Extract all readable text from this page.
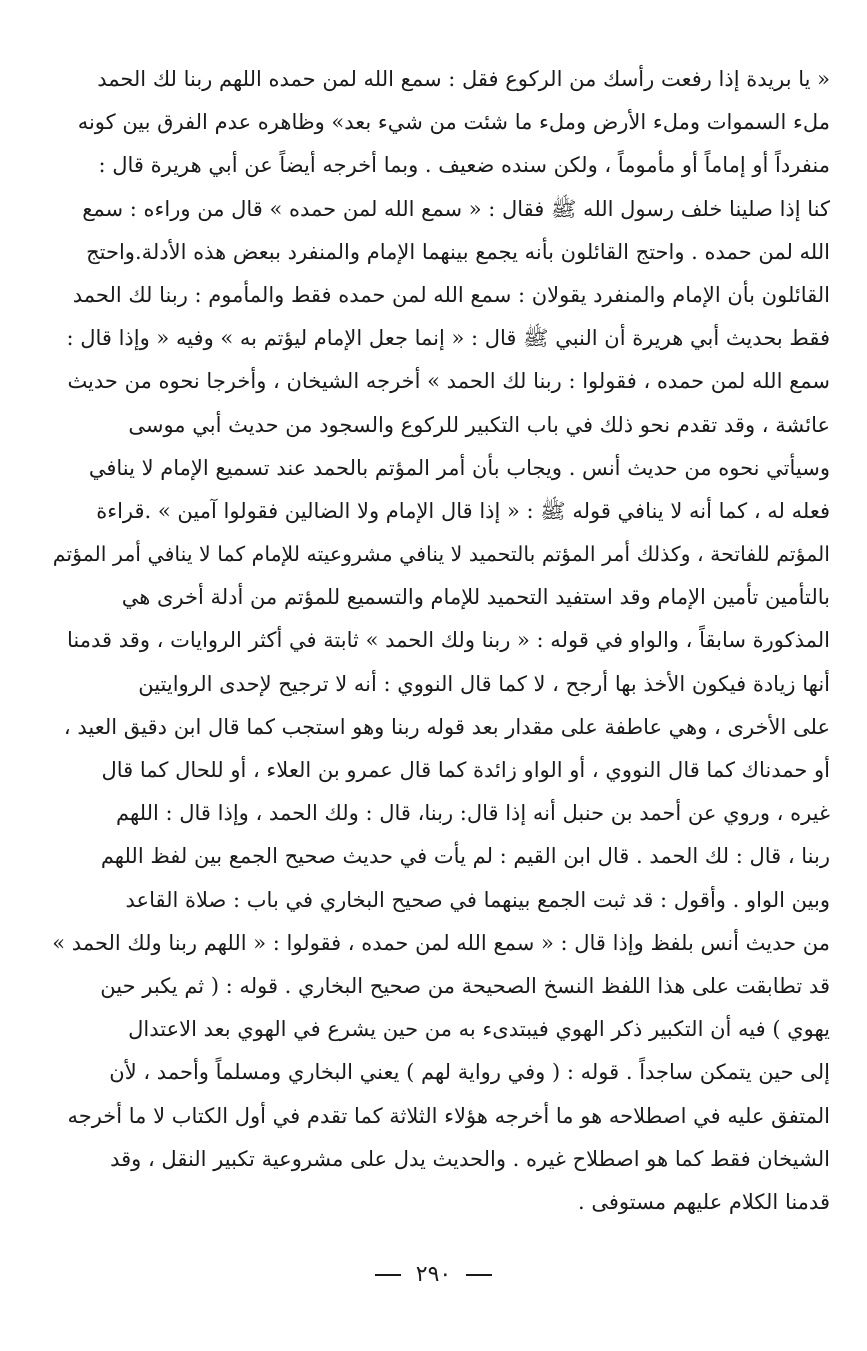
« يا بريدة إذا رفعت رأسك من الركوع فقل : سمع الله لمن حمده اللهم ربنا لك الحمد
ملء السموات وملء الأرض وملء ما شئت من شيء بعد» وظاهره عدم الفرق بين كونه
منفرداً أو إماماً أو مأموماً ، ولكن سنده ضعيف . وبما أخرجه أيضاً عن أبي هريرة قال :
كنا إذا صلينا خلف رسول الله ﷺ فقال : « سمع الله لمن حمده » قال من وراءه : سمع
الله لمن حمده . واحتج القائلون بأنه يجمع بينهما الإمام والمنفرد ببعض هذه الأدلة.واحتج
القائلون بأن الإمام والمنفرد يقولان : سمع الله لمن حمده فقط والمأموم : ربنا لك الحمد
فقط بحديث أبي هريرة أن النبي ﷺ قال : « إنما جعل الإمام ليؤتم به » وفيه « وإذا قال :
سمع الله لمن حمده ، فقولوا : ربنا لك الحمد » أخرجه الشيخان ، وأخرجا نحوه من حديث
عائشة ، وقد تقدم نحو ذلك في باب التكبير للركوع والسجود من حديث أبي موسى
وسيأتي نحوه من حديث أنس . ويجاب بأن أمر المؤتم بالحمد عند تسميع الإمام لا ينافي
فعله له ، كما أنه لا ينافي قوله ﷺ : « إذا قال الإمام ولا الضالين فقولوا آمين » .قراءة
المؤتم للفاتحة ، وكذلك أمر المؤتم بالتحميد لا ينافي مشروعيته للإمام كما لا ينافي أمر المؤتم
بالتأمين تأمين الإمام وقد استفيد التحميد للإمام والتسميع للمؤتم من أدلة أخرى هي
المذكورة سابقاً ، والواو في قوله : « ربنا ولك الحمد » ثابتة في أكثر الروايات ، وقد قدمنا
أنها زيادة فيكون الأخذ بها أرجح ، لا كما قال النووي : أنه لا ترجيح لإحدى الروايتين
على الأخرى ، وهي عاطفة على مقدار بعد قوله ربنا وهو استجب كما قال ابن دقيق العيد ،
أو حمدناك كما قال النووي ، أو الواو زائدة كما قال عمرو بن العلاء ، أو للحال كما قال
غيره ، وروي عن أحمد بن حنبل أنه إذا قال: ربنا، قال : ولك الحمد ، وإذا قال : اللهم
ربنا ، قال : لك الحمد . قال ابن القيم : لم يأت في حديث صحيح الجمع بين لفظ اللهم
وبين الواو . وأقول : قد ثبت الجمع بينهما في صحيح البخاري في باب : صلاة القاعد
من حديث أنس بلفظ وإذا قال : « سمع الله لمن حمده ، فقولوا : « اللهم ربنا ولك الحمد »
قد تطابقت على هذا اللفظ النسخ الصحيحة من صحيح البخاري . قوله : ( ثم يكبر حين
يهوي ) فيه أن التكبير ذكر الهوي فيبتدىء به من حين يشرع في الهوي بعد الاعتدال
إلى حين يتمكن ساجداً . قوله : ( وفي رواية لهم ) يعني البخاري ومسلماً وأحمد ، لأن
المتفق عليه في اصطلاحه هو ما أخرجه هؤلاء الثلاثة كما تقدم في أول الكتاب لا ما أخرجه
الشيخان فقط كما هو اصطلاح غيره . والحديث يدل على مشروعية تكبير النقل ، وقد
قدمنا الكلام عليهم مستوفى .
٢٩٠
